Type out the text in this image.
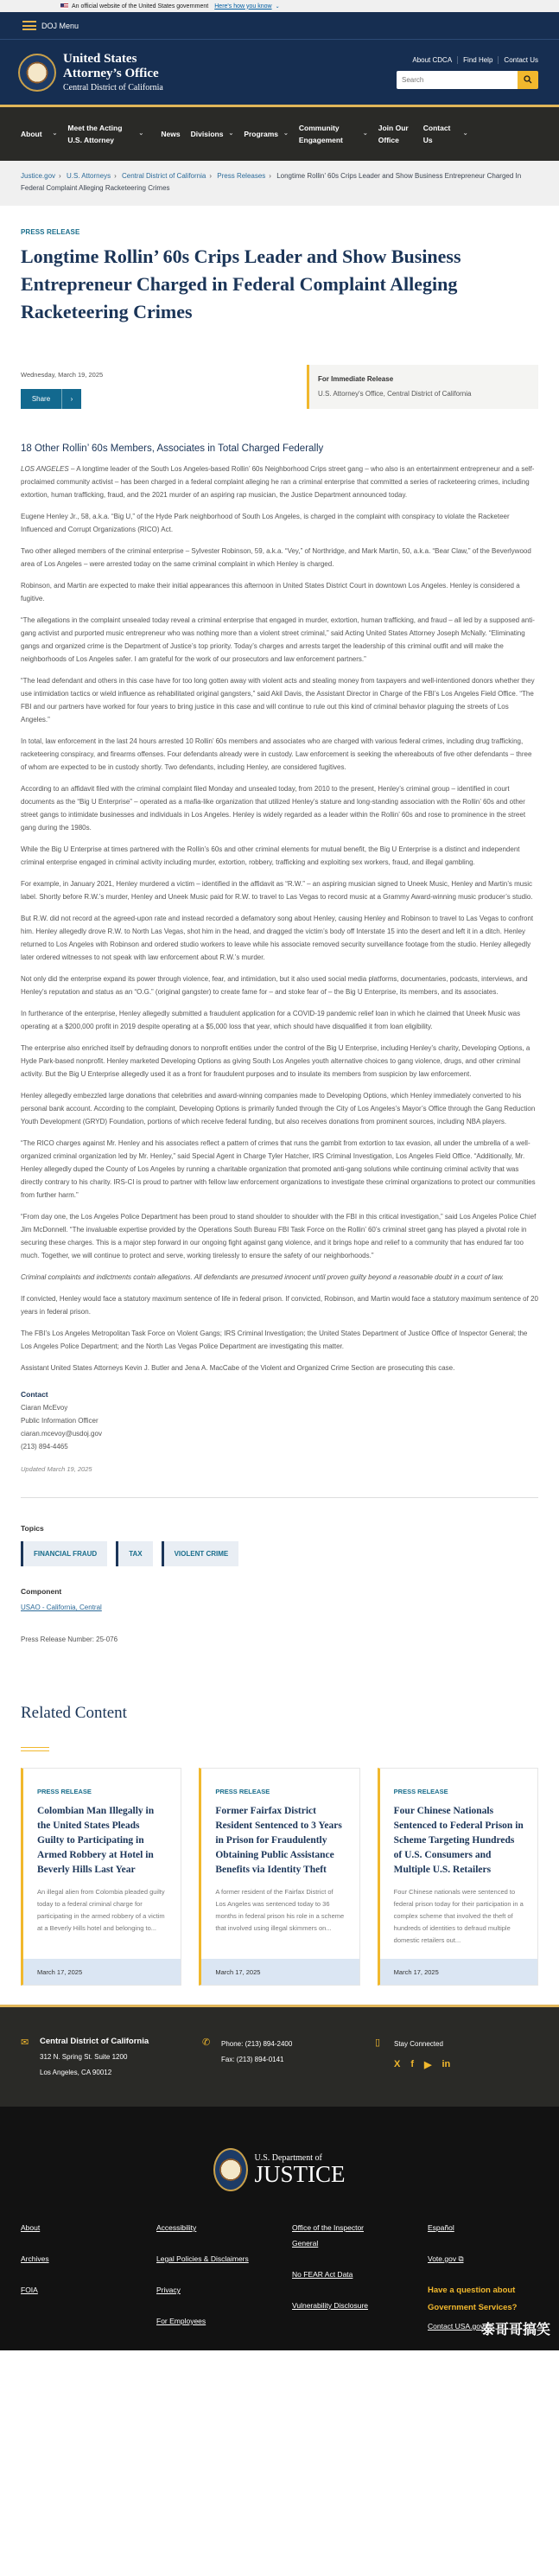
An official website of the United States government Here's how you know ⌄
DOJ Menu
United States
Attorney’s Office
Central District of California
About CDCA	Find Help	Contact Us
Search
About ⌄
Meet the Acting U.S. Attorney
⌄ News Divisions ⌄ Programs ⌄
Community Engagement
⌄
Join Our Office
Contact Us
⌄
Justice.gov › U.S. Attorneys › Central District of California › Press Releases › Longtime Rollin’ 60s Crips Leader and Show Business Entrepreneur Charged In Federal Complaint Alleging Racketeering Crimes
PRESS RELEASE
Longtime Rollin’ 60s Crips Leader and Show Business Entrepreneur Charged in Federal Complaint Alleging Racketeering Crimes
Wednesday, March 19, 2025
Share	›
For Immediate Release
U.S. Attorney's Office, Central District of California
18 Other Rollin’ 60s Members, Associates in Total Charged Federally

LOS ANGELES – A longtime leader of the South Los Angeles-based Rollin’ 60s Neighborhood Crips street gang – who also is an entertainment entrepreneur and a self-proclaimed community activist – has been charged in a federal complaint alleging he ran a criminal enterprise that committed a series of racketeering crimes, including extortion, human trafficking, fraud, and the 2021 murder of an aspiring rap musician, the Justice Department announced today.

Eugene Henley Jr., 58, a.k.a. “Big U,” of the Hyde Park neighborhood of South Los Angeles, is charged in the complaint with conspiracy to violate the Racketeer Influenced and Corrupt Organizations (RICO) Act.

Two other alleged members of the criminal enterprise – Sylvester Robinson, 59, a.k.a. “Vey,” of Northridge, and Mark Martin, 50, a.k.a. “Bear Claw,” of the Beverlywood area of Los Angeles – were arrested today on the same criminal complaint in which Henley is charged.

Robinson, and Martin are expected to make their initial appearances this afternoon in United States District Court in downtown Los Angeles. Henley is considered a fugitive.

“The allegations in the complaint unsealed today reveal a criminal enterprise that engaged in murder, extortion, human trafficking, and fraud – all led by a supposed anti-gang activist and purported music entrepreneur who was nothing more than a violent street criminal,” said Acting United States Attorney Joseph McNally. “Eliminating gangs and organized crime is the Department of Justice’s top priority. Today’s charges and arrests target the leadership of this criminal outfit and will make the neighborhoods of Los Angeles safer. I am grateful for the work of our prosecutors and law enforcement partners.”

“The lead defendant and others in this case have for too long gotten away with violent acts and stealing money from taxpayers and well-intentioned donors whether they use intimidation tactics or wield influence as rehabilitated original gangsters,” said Akil Davis, the Assistant Director in Charge of the FBI’s Los Angeles Field Office. “The FBI and our partners have worked for four years to bring justice in this case and will continue to rule out this kind of criminal behavior plaguing the streets of Los Angeles.”

In total, law enforcement in the last 24 hours arrested 10 Rollin’ 60s members and associates who are charged with various federal crimes, including drug trafficking, racketeering conspiracy, and firearms offenses. Four defendants already were in custody. Law enforcement is seeking the whereabouts of five other defendants – three of whom are expected to be in custody shortly. Two defendants, including Henley, are considered fugitives.

According to an affidavit filed with the criminal complaint filed Monday and unsealed today, from 2010 to the present, Henley’s criminal group – identified in court documents as the “Big U Enterprise” – operated as a mafia-like organization that utilized Henley’s stature and long-standing association with the Rollin’ 60s and other street gangs to intimidate businesses and individuals in Los Angeles. Henley is widely regarded as a leader within the Rollin’ 60s and rose to prominence in the street gang during the 1980s.

While the Big U Enterprise at times partnered with the Rollin’s 60s and other criminal elements for mutual benefit, the Big U Enterprise is a distinct and independent criminal enterprise engaged in criminal activity including murder, extortion, robbery, trafficking and exploiting sex workers, fraud, and illegal gambling.

For example, in January 2021, Henley murdered a victim – identified in the affidavit as “R.W.” – an aspiring musician signed to Uneek Music, Henley and Martin’s music label. Shortly before R.W.’s murder, Henley and Uneek Music paid for R.W. to travel to Las Vegas to record music at a Grammy Award-winning music producer’s studio.

But R.W. did not record at the agreed-upon rate and instead recorded a defamatory song about Henley, causing Henley and Robinson to travel to Las Vegas to confront him. Henley allegedly drove R.W. to North Las Vegas, shot him in the head, and dragged the victim’s body off Interstate 15 into the desert and left it in a ditch. Henley returned to Los Angeles with Robinson and ordered studio workers to leave while his associate removed security surveillance footage from the studio. Henley allegedly later ordered witnesses to not speak with law enforcement about R.W.’s murder.

Not only did the enterprise expand its power through violence, fear, and intimidation, but it also used social media platforms, documentaries, podcasts, interviews, and Henley’s reputation and status as an “O.G.” (original gangster) to create fame for – and stoke fear of – the Big U Enterprise, its members, and its associates.

In furtherance of the enterprise, Henley allegedly submitted a fraudulent application for a COVID-19 pandemic relief loan in which he claimed that Uneek Music was operating at a $200,000 profit in 2019 despite operating at a $5,000 loss that year, which should have disqualified it from loan eligibility.

The enterprise also enriched itself by defrauding donors to nonprofit entities under the control of the Big U Enterprise, including Henley’s charity, Developing Options, a Hyde Park-based nonprofit. Henley marketed Developing Options as giving South Los Angeles youth alternative choices to gang violence, drugs, and other criminal activity. But the Big U Enterprise allegedly used it as a front for fraudulent purposes and to insulate its members from suspicion by law enforcement.

Henley allegedly embezzled large donations that celebrities and award-winning companies made to Developing Options, which Henley immediately converted to his personal bank account. According to the complaint, Developing Options is primarily funded through the City of Los Angeles’s Mayor’s Office through the Gang Reduction Youth Development (GRYD) Foundation, portions of which receive federal funding, but also receives donations from prominent sources, including NBA players.

“The RICO charges against Mr. Henley and his associates reflect a pattern of crimes that runs the gambit from extortion to tax evasion, all under the umbrella of a well-organized criminal organization led by Mr. Henley,” said Special Agent in Charge Tyler Hatcher, IRS Criminal Investigation, Los Angeles Field Office. “Additionally, Mr. Henley allegedly duped the County of Los Angeles by running a charitable organization that promoted anti-gang solutions while continuing criminal activity that was directly contrary to his charity. IRS-CI is proud to partner with fellow law enforcement organizations to investigate these criminal organizations to protect our communities from further harm.”

“From day one, the Los Angeles Police Department has been proud to stand shoulder to shoulder with the FBI in this critical investigation,” said Los Angeles Police Chief Jim McDonnell. “The invaluable expertise provided by the Operations South Bureau FBI Task Force on the Rollin’ 60’s criminal street gang has played a pivotal role in securing these charges. This is a major step forward in our ongoing fight against gang violence, and it brings hope and relief to a community that has endured far too much. Together, we will continue to protect and serve, working tirelessly to ensure the safety of our neighborhoods.”

Criminal complaints and indictments contain allegations. All defendants are presumed innocent until proven guilty beyond a reasonable doubt in a court of law.

If convicted, Henley would face a statutory maximum sentence of life in federal prison. If convicted, Robinson, and Martin would face a statutory maximum sentence of 20 years in federal prison.

The FBI’s Los Angeles Metropolitan Task Force on Violent Gangs; IRS Criminal Investigation; the United States Department of Justice Office of Inspector General; the Los Angeles Police Department; and the North Las Vegas Police Department are investigating this matter.

Assistant United States Attorneys Kevin J. Butler and Jena A. MacCabe of the Violent and Organized Crime Section are prosecuting this case.

Contact
Ciaran McEvoy
Public Information Officer
ciaran.mcevoy@usdoj.gov
(213) 894-4465
Updated March 19, 2025
Topics
FINANCIAL FRAUD	TAX	VIOLENT CRIME
Component
USAO - California, Central
Press Release Number: 25-076
Related Content
PRESS RELEASE
Colombian Man Illegally in the United States Pleads Guilty to Participating in Armed Robbery at Hotel in Beverly Hills Last Year
An illegal alien from Colombia pleaded guilty today to a federal criminal charge for participating in the armed robbery of a victim at a Beverly Hills hotel and belonging to...
March 17, 2025
PRESS RELEASE
Former Fairfax District Resident Sentenced to 3 Years in Prison for Fraudulently Obtaining Public Assistance Benefits via Identity Theft
A former resident of the Fairfax District of Los Angeles was sentenced today to 36 months in federal prison his role in a scheme that involved using illegal skimmers on...
March 17, 2025
PRESS RELEASE
Four Chinese Nationals Sentenced to Federal Prison in Scheme Targeting Hundreds of U.S. Consumers and Multiple U.S. Retailers
Four Chinese nationals were sentenced to federal prison today for their participation in a complex scheme that involved the theft of hundreds of identities to defraud multiple domestic retailers out...
March 17, 2025
✉ Central District of California
312 N. Spring St. Suite 1200
Los Angeles, CA 90012
✆	Phone: (213) 894-2400
Fax: (213) 894-0141
▯	Stay Connected
X f ▶ in
U.S. Department of
JUSTICE
About
Archives
FOIA
Accessibility
Legal Policies & Disclaimers
Privacy
For Employees
Office of the Inspector General
No FEAR Act Data
Vulnerability Disclosure
Español
Vote.gov ⧉
Have a question about Government Services?
Contact USA.gov ⧉
泰哥哥搞笑
